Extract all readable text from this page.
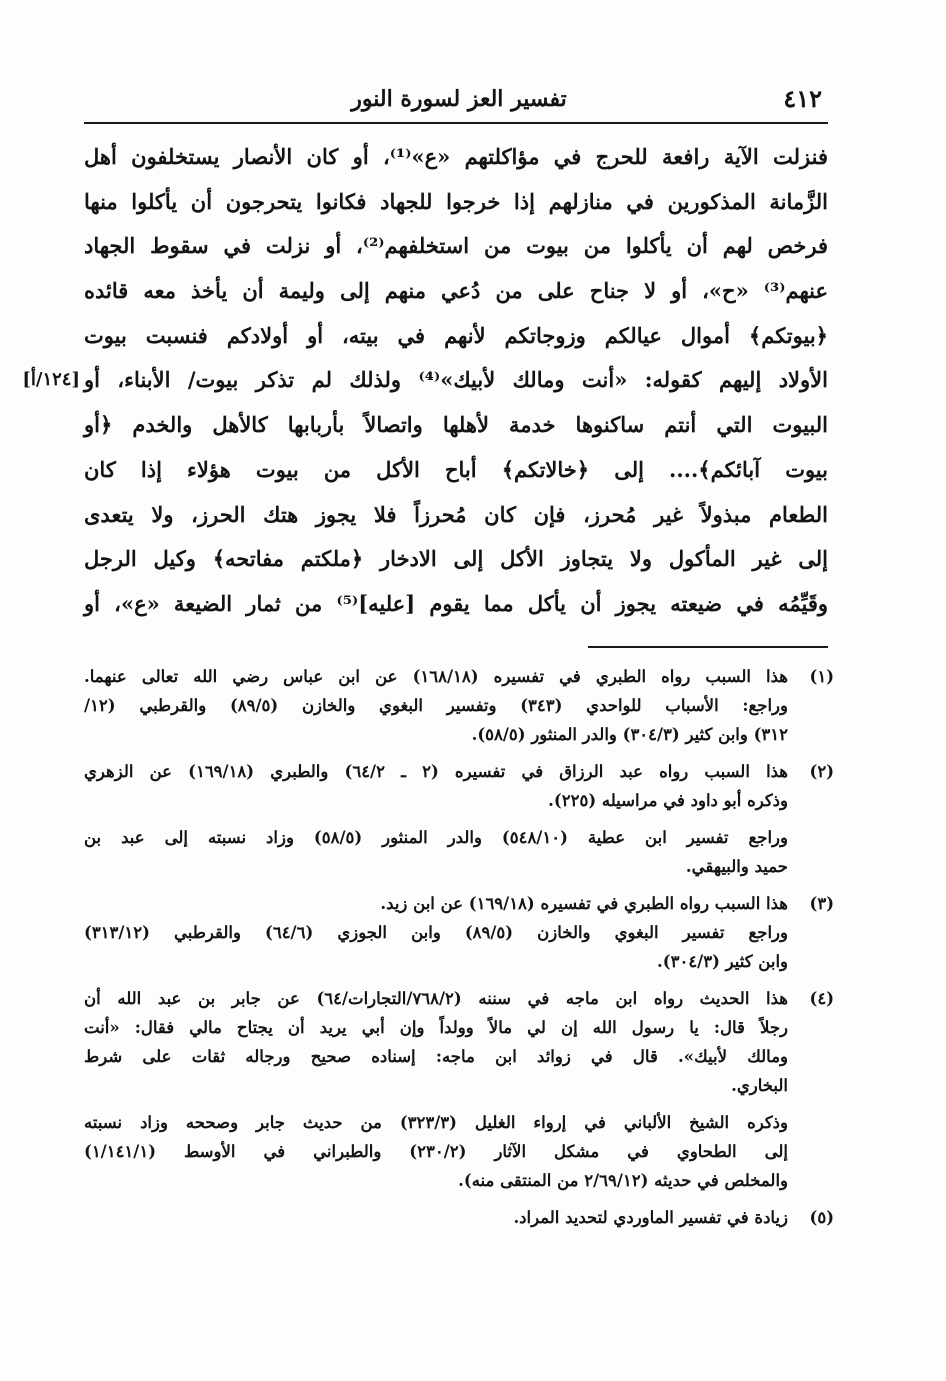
٤١٢
تفسير العز لسورة النور
فنزلت الآية رافعة للحرج في مؤاكلتهم «ع»⁽¹⁾، أو كان الأنصار يستخلفون أهل
الزَّمانة المذكورين في منازلهم إذا خرجوا للجهاد فكانوا يتحرجون أن يأكلوا منها
فرخص لهم أن يأكلوا من بيوت من استخلفهم⁽²⁾، أو نزلت في سقوط الجهاد
عنهم⁽³⁾ «ح»، أو لا جناح على من دُعي منهم إلى وليمة أن يأخذ معه قائده
﴿بيوتكم﴾ أموال عيالكم وزوجاتكم لأنهم في بيته، أو أولادكم فنسبت بيوت
الأولاد إليهم كقوله: «أنت ومالك لأبيك»⁽⁴⁾ ولذلك لم تذكر بيوت/ الأبناء، أو
[١٢٤/أ]
البيوت التي أنتم ساكنوها خدمة لأهلها واتصالاً بأربابها كالأهل والخدم ﴿أو
بيوت آبائكم﴾.... إلى ﴿خالاتكم﴾ أباح الأكل من بيوت هؤلاء إذا كان
الطعام مبذولاً غير مُحرز، فإن كان مُحرزاً فلا يجوز هتك الحرز، ولا يتعدى
إلى غير المأكول ولا يتجاوز الأكل إلى الادخار ﴿ملكتم مفاتحه﴾ وكيل الرجل
وقَيِّمُه في ضيعته يجوز أن يأكل مما يقوم [عليه]⁽⁵⁾ من ثمار الضيعة «ع»، أو
(١)هذا السبب رواه الطبري في تفسيره (١٦٨/١٨) عن ابن عباس رضي الله تعالى عنهما.
وراجع: الأسباب للواحدي (٣٤٣) وتفسير البغوي والخازن (٨٩/٥) والقرطبي (١٢/
٣١٢) وابن كثير (٣٠٤/٣) والدر المنثور (٥٨/٥).
(٢)هذا السبب رواه عبد الرزاق في تفسيره (٢ ـ ٦٤/٢) والطبري (١٦٩/١٨) عن الزهري
وذكره أبو داود في مراسيله (٢٢٥).
وراجع تفسير ابن عطية (٥٤٨/١٠) والدر المنثور (٥٨/٥) وزاد نسبته إلى عبد بن
حميد والبيهقي.
(٣)هذا السبب رواه الطبري في تفسيره (١٦٩/١٨) عن ابن زيد.
وراجع تفسير البغوي والخازن (٨٩/٥) وابن الجوزي (٦٤/٦) والقرطبي (٣١٣/١٢)
وابن كثير (٣٠٤/٣).
(٤)هذا الحديث رواه ابن ماجه في سننه (٧٦٨/٢/التجارات/٦٤) عن جابر بن عبد الله أن
رجلاً قال: يا رسول الله إن لي مالاً وولداً وإن أبي يريد أن يجتاح مالي فقال: «أنت
ومالك لأبيك». قال في زوائد ابن ماجه: إسناده صحيح ورجاله ثقات على شرط
البخاري.
وذكره الشيخ الألباني في إرواء الغليل (٣٢٣/٣) من حديث جابر وصححه وزاد نسبته
إلى الطحاوي في مشكل الآثار (٢٣٠/٢) والطبراني في الأوسط (١/١٤١/١)
والمخلص في حديثه (٢/٦٩/١٢ من المنتقى منه).
(٥)زيادة في تفسير الماوردي لتحديد المراد.
